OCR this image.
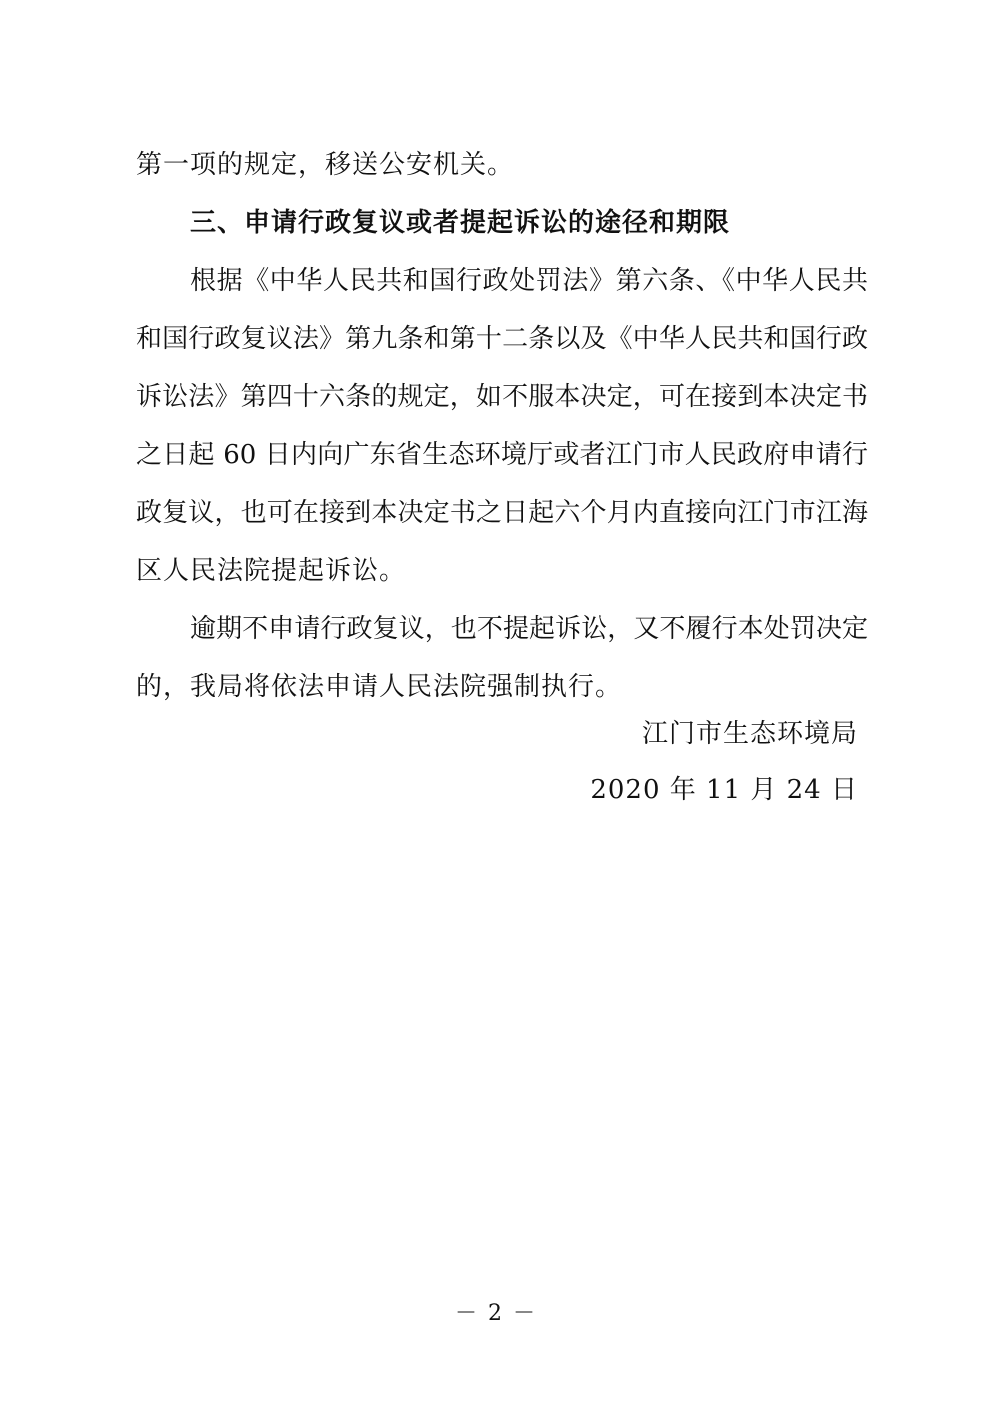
第一项的规定，移送公安机关。
三、申请行政复议或者提起诉讼的途径和期限
根据《中华人民共和国行政处罚法》第六条、《中华人民共
和国行政复议法》第九条和第十二条以及《中华人民共和国行政
诉讼法》第四十六条的规定，如不服本决定，可在接到本决定书
之日起 60 日内向广东省生态环境厅或者江门市人民政府申请行
政复议，也可在接到本决定书之日起六个月内直接向江门市江海
区人民法院提起诉讼。
逾期不申请行政复议，也不提起诉讼，又不履行本处罚决定
的，我局将依法申请人民法院强制执行。
江门市生态环境局
2020 年 11 月 24 日
－ 2 －
